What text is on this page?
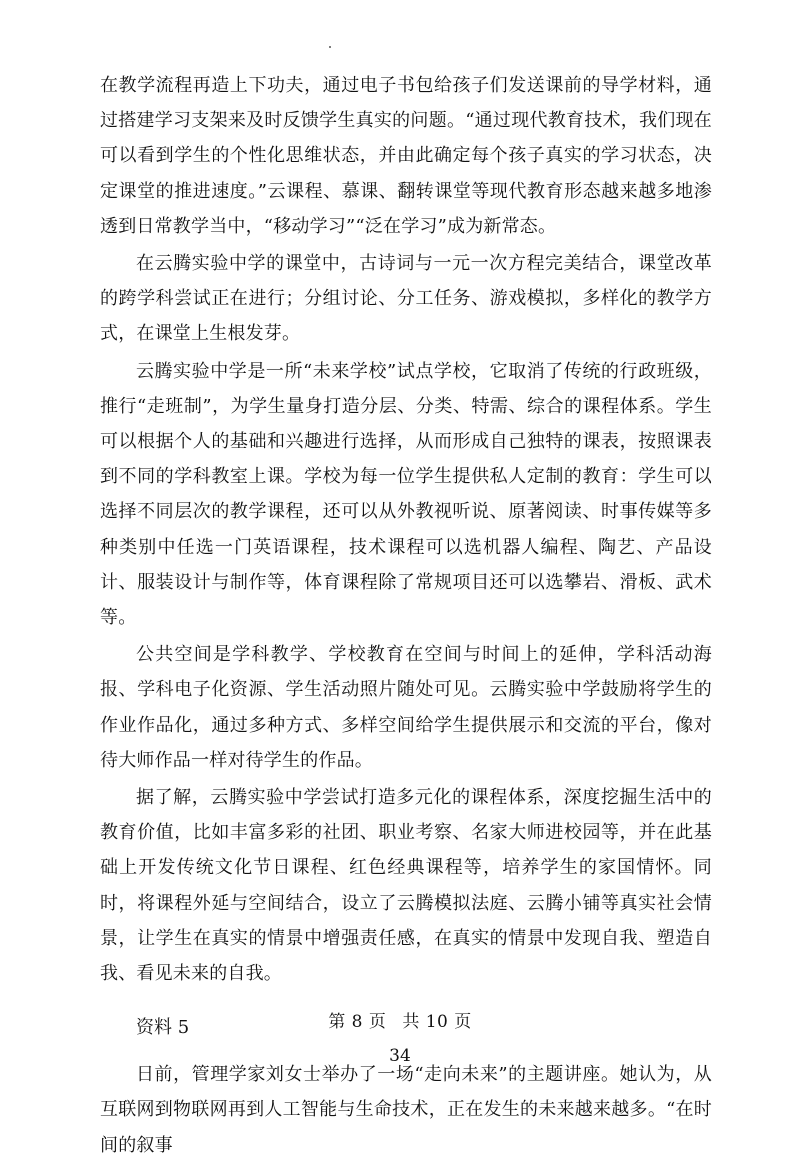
在教学流程再造上下功夫，通过电子书包给孩子们发送课前的导学材料，通过搭建学习支架来及时反馈学生真实的问题。“通过现代教育技术，我们现在可以看到学生的个性化思维状态，并由此确定每个孩子真实的学习状态，决定课堂的推进速度。”云课程、慕课、翻转课堂等现代教育形态越来越多地渗透到日常教学当中，“移动学习”“泛在学习”成为新常态。

在云腾实验中学的课堂中，古诗词与一元一次方程完美结合，课堂改革的跨学科尝试正在进行；分组讨论、分工任务、游戏模拟，多样化的教学方式，在课堂上生根发芽。

云腾实验中学是一所“未来学校”试点学校，它取消了传统的行政班级，推行“走班制”，为学生量身打造分层、分类、特需、综合的课程体系。学生可以根据个人的基础和兴趣进行选择，从而形成自己独特的课表，按照课表到不同的学科教室上课。学校为每一位学生提供私人定制的教育：学生可以选择不同层次的教学课程，还可以从外教视听说、原著阅读、时事传媒等多种类别中任选一门英语课程，技术课程可以选机器人编程、陶艺、产品设计、服装设计与制作等，体育课程除了常规项目还可以选攀岩、滑板、武术等。

公共空间是学科教学、学校教育在空间与时间上的延伸，学科活动海报、学科电子化资源、学生活动照片随处可见。云腾实验中学鼓励将学生的作业作品化，通过多种方式、多样空间给学生提供展示和交流的平台，像对待大师作品一样对待学生的作品。

据了解，云腾实验中学尝试打造多元化的课程体系，深度挖掘生活中的教育价值，比如丰富多彩的社团、职业考察、名家大师进校园等，并在此基础上开发传统文化节日课程、红色经典课程等，培养学生的家国情怀。同时，将课程外延与空间结合，设立了云腾模拟法庭、云腾小铺等真实社会情景，让学生在真实的情景中增强责任感，在真实的情景中发现自我、塑造自我、看见未来的自我。

资料 5

日前，管理学家刘女士举办了一场“走向未来”的主题讲座。她认为，从互联网到物联网再到人工智能与生命技术，正在发生的未来越来越多。“在时间的叙事

第 8 页 共 10 页
34
